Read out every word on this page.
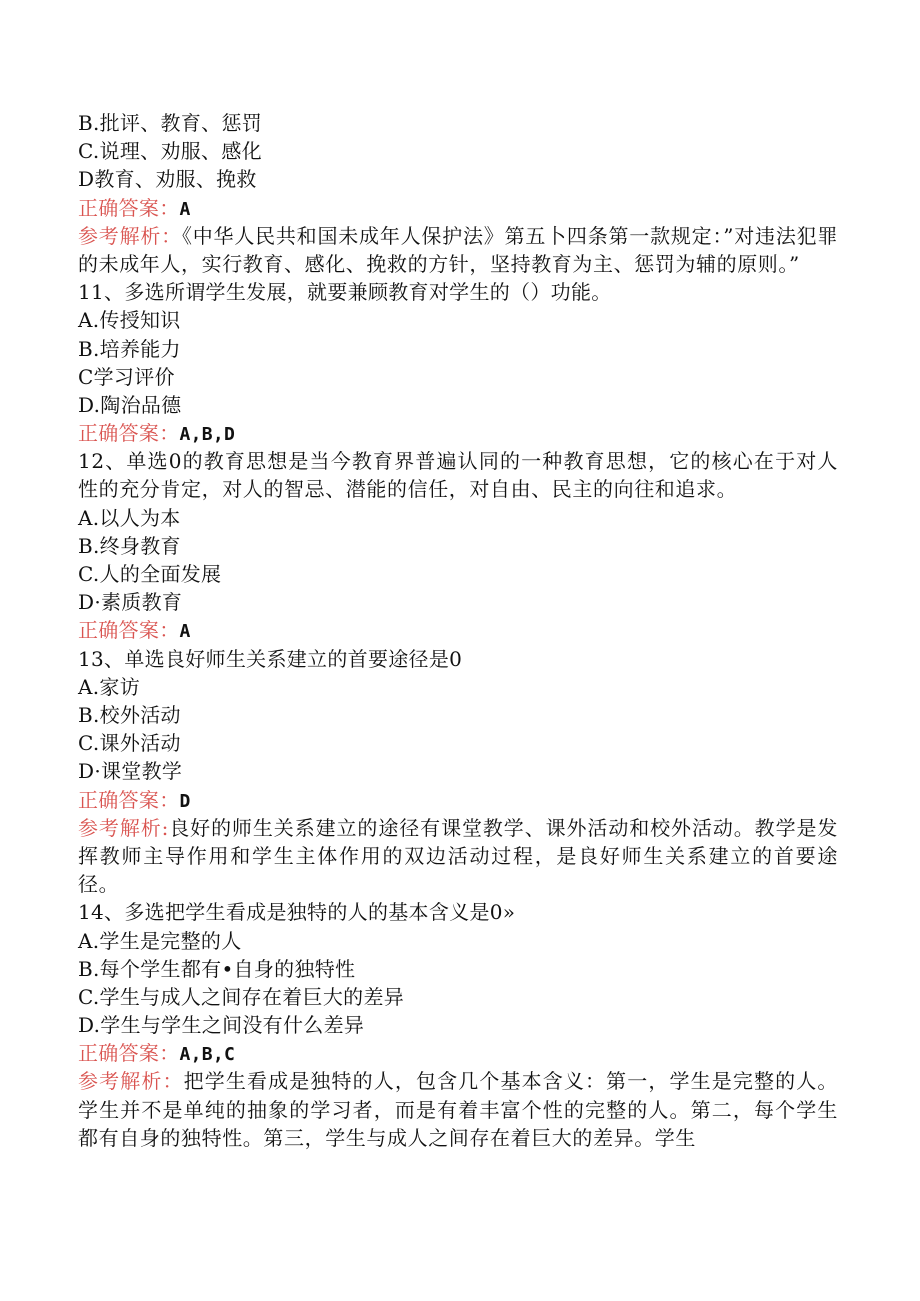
B.批评、教育、惩罚
C.说理、劝服、感化
D教育、劝服、挽救
正确答案：A
参考解析：《中华人民共和国未成年人保护法》第五卜四条第一款规定：”对违法犯罪的未成年人，实行教育、感化、挽救的方针，坚持教育为主、惩罚为辅的原则。”
11、多选所谓学生发展，就要兼顾教育对学生的（）功能。
A.传授知识
B.培养能力
C学习评价
D.陶治品德
正确答案：A,B,D
12、单选0的教育思想是当今教育界普遍认同的一种教育思想，它的核心在于对人性的充分肯定，对人的智忌、潜能的信任，对自由、民主的向往和追求。
A.以人为本
B.终身教育
C.人的全面发展
D·素质教育
正确答案：A
13、单选良好师生关系建立的首要途径是0
A.家访
B.校外活动
C.课外活动
D·课堂教学
正确答案：D
参考解析:良好的师生关系建立的途径有课堂教学、课外活动和校外活动。教学是发挥教师主导作用和学生主体作用的双边活动过程，是良好师生关系建立的首要途径。
14、多选把学生看成是独特的人的基本含义是0»
A.学生是完整的人
B.每个学生都有•自身的独特性
C.学生与成人之间存在着巨大的差异
D.学生与学生之间没有什么差异
正确答案：A,B,C
参考解析：把学生看成是独特的人，包含几个基本含义：第一，学生是完整的人。学生并不是单纯的抽象的学习者，而是有着丰富个性的完整的人。第二，每个学生都有自身的独特性。第三，学生与成人之间存在着巨大的差异。学生
